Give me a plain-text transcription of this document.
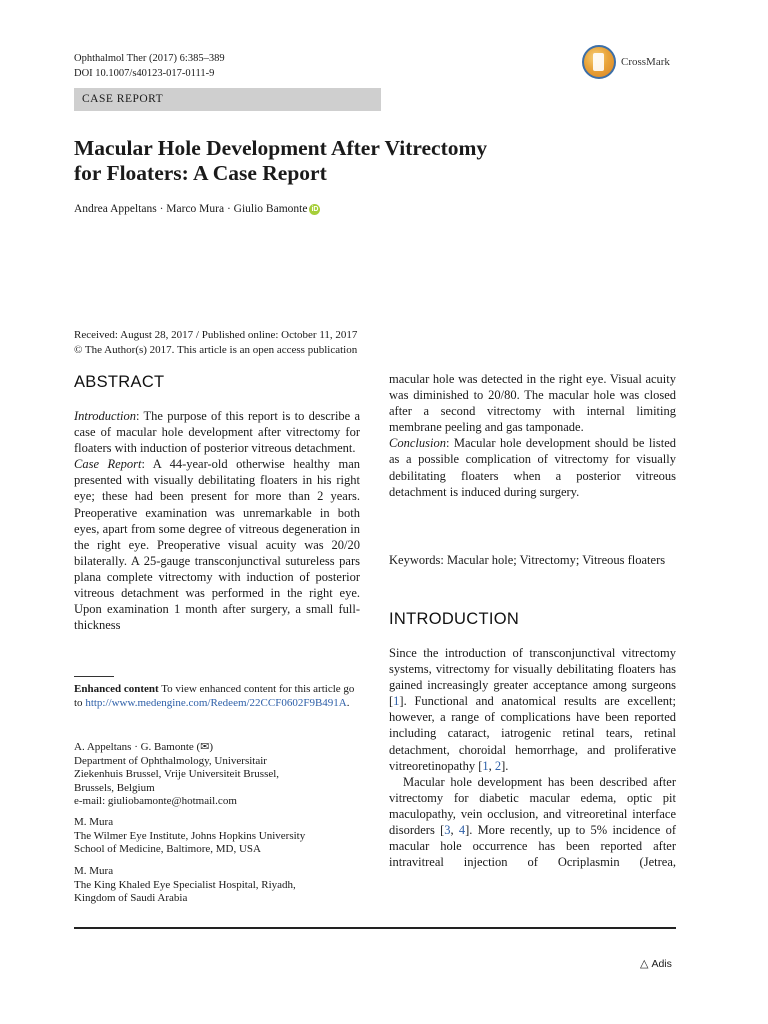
Ophthalmol Ther (2017) 6:385–389
DOI 10.1007/s40123-017-0111-9
CrossMark
CASE REPORT
Macular Hole Development After Vitrectomy
for Floaters: A Case Report
Andrea Appeltans · Marco Mura · Giulio Bamonte iD
Received: August 28, 2017 / Published online: October 11, 2017
© The Author(s) 2017. This article is an open access publication
ABSTRACT

Introduction: The purpose of this report is to describe a case of macular hole development after vitrectomy for floaters with induction of posterior vitreous detachment.

Case Report: A 44-year-old otherwise healthy man presented with visually debilitating floaters in his right eye; these had been present for more than 2 years. Preoperative examination was unremarkable in both eyes, apart from some degree of vitreous degeneration in the right eye. Preoperative visual acuity was 20/20 bilaterally. A 25-gauge transconjunctival sutureless pars plana complete vitrectomy with induction of posterior vitreous detachment was performed in the right eye. Upon examination 1 month after surgery, a small full-thickness

macular hole was detected in the right eye. Visual acuity was diminished to 20/80. The macular hole was closed after a second vitrectomy with internal limiting membrane peeling and gas tamponade.

Conclusion: Macular hole development should be listed as a possible complication of vitrectomy for visually debilitating floaters when a posterior vitreous detachment is induced during surgery.

Keywords: Macular hole; Vitrectomy; Vitreous floaters
INTRODUCTION

Since the introduction of transconjunctival vitrectomy systems, vitrectomy for visually debilitating floaters has gained increasingly greater acceptance among surgeons [1]. Functional and anatomical results are excellent; however, a range of complications have been reported including cataract, iatrogenic retinal tears, retinal detachment, choroidal hemorrhage, and proliferative vitreoretinopathy [1, 2].

Macular hole development has been described after vitrectomy for diabetic macular edema, optic pit maculopathy, vein occlusion, and vitreoretinal interface disorders [3, 4]. More recently, up to 5% incidence of macular hole occurrence has been reported after intravitreal injection of Ocriplasmin (Jetrea,

Enhanced content To view enhanced content for this article go to http://www.medengine.com/Redeem/22CCF0602F9B491A.
A. Appeltans · G. Bamonte (✉)
Department of Ophthalmology, Universitair
Ziekenhuis Brussel, Vrije Universiteit Brussel,
Brussels, Belgium
e-mail: giuliobamonte@hotmail.com
M. Mura
The Wilmer Eye Institute, Johns Hopkins University
School of Medicine, Baltimore, MD, USA
M. Mura
The King Khaled Eye Specialist Hospital, Riyadh,
Kingdom of Saudi Arabia
△ Adis
